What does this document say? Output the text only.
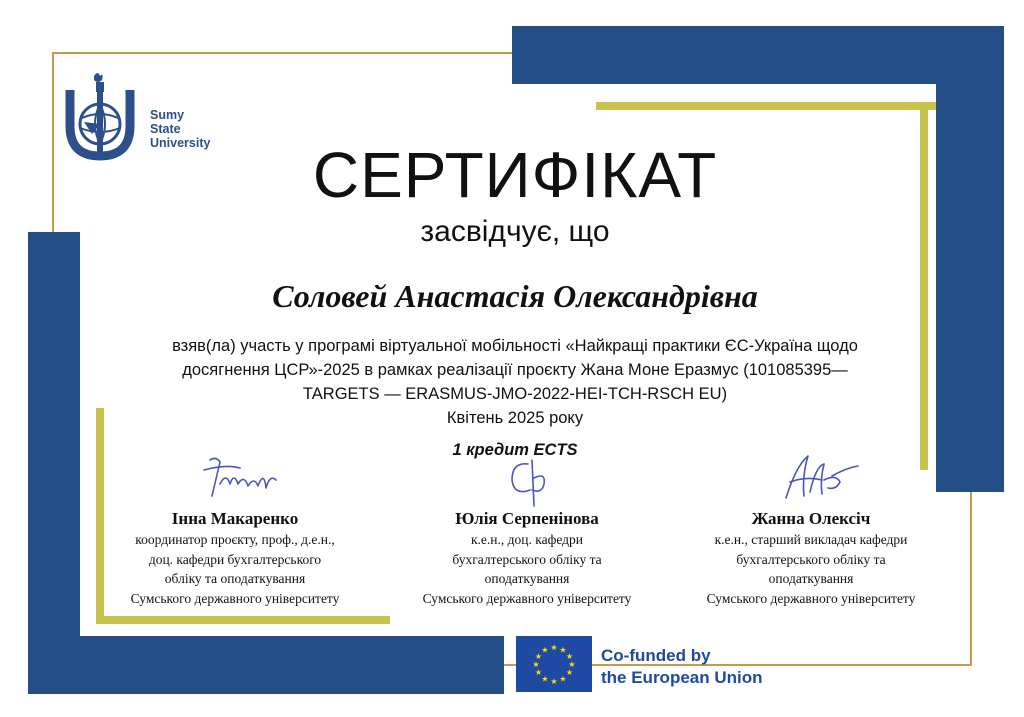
Sumy
State
University	СЕРТИФІКАТ
засвідчує, що
Соловей Анастасія Олександрівна
взяв(ла) участь у програмі віртуальної мобільності «Найкращі практики ЄС-Україна щодо
досягнення ЦСР»-2025 в рамках реалізації проєкту Жана Моне Еразмус (101085395—
TARGETS — ERASMUS-JMO-2022-HEI-TCH-RSCH EU)
Квітень 2025 року
1 кредит ECTS
Інна Макаренко
координатор проєкту, проф., д.е.н.,
доц. кафедри бухгалтерського
обліку та оподаткування
Сумського державного університету
Юлія Серпенінова
к.е.н., доц. кафедри
бухгалтерського обліку та
оподаткування
Сумського державного університету
Жанна Олексіч
к.е.н., старший викладач кафедри
бухгалтерського обліку та
оподаткування
Сумського державного університету
★ ★
★
★
★
★
★
★
★
★
★
★	Co-funded by
the European Union
